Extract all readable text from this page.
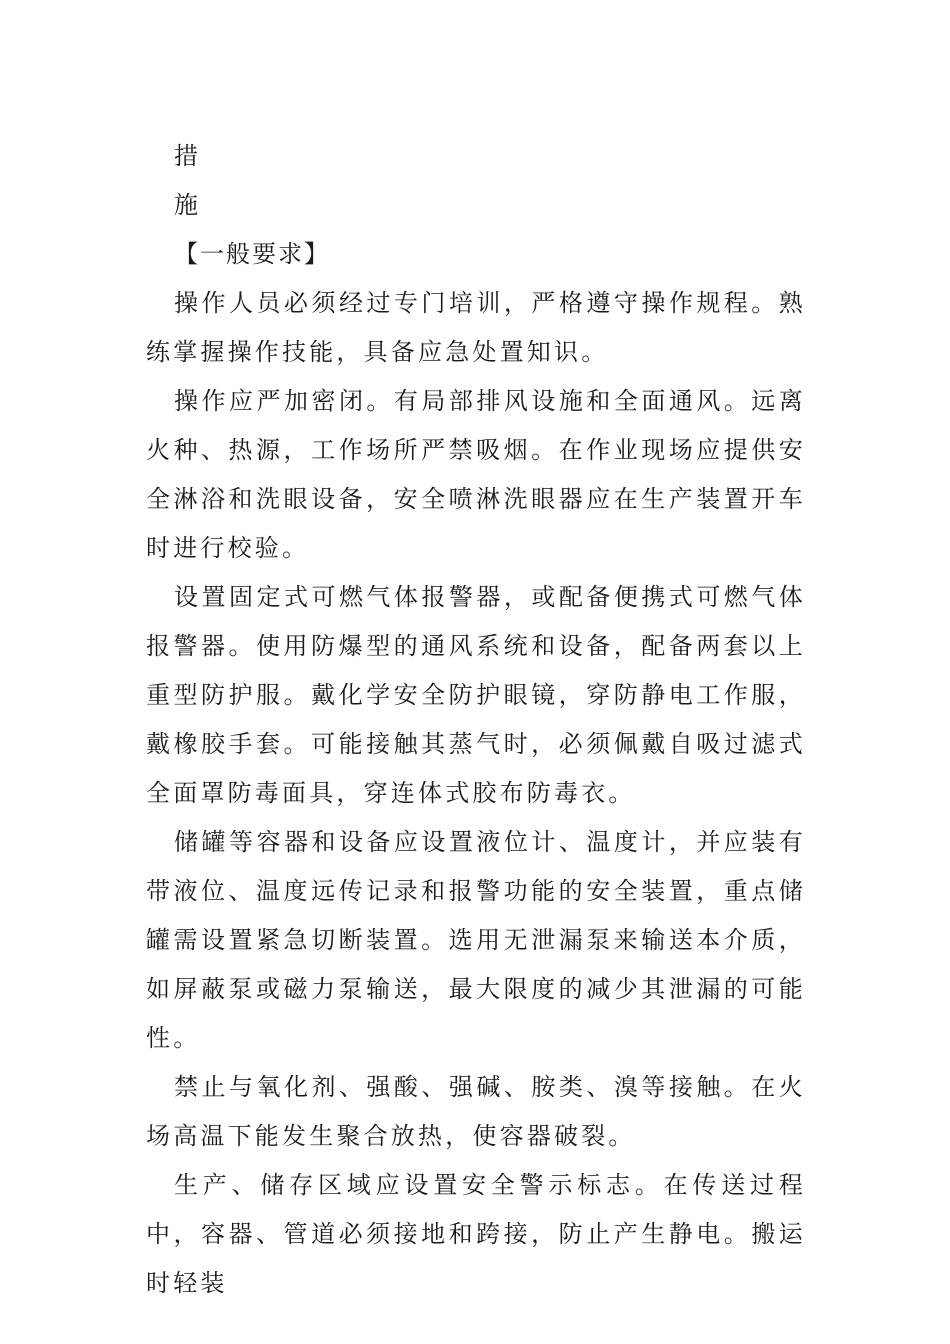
措
施

【一般要求】

操作人员必须经过专门培训，严格遵守操作规程。熟练掌握操作技能，具备应急处置知识。

操作应严加密闭。有局部排风设施和全面通风。远离火种、热源，工作场所严禁吸烟。在作业现场应提供安全淋浴和洗眼设备，安全喷淋洗眼器应在生产装置开车时进行校验。

设置固定式可燃气体报警器，或配备便携式可燃气体报警器。使用防爆型的通风系统和设备，配备两套以上重型防护服。戴化学安全防护眼镜，穿防静电工作服，戴橡胶手套。可能接触其蒸气时，必须佩戴自吸过滤式全面罩防毒面具，穿连体式胶布防毒衣。

储罐等容器和设备应设置液位计、温度计，并应装有带液位、温度远传记录和报警功能的安全装置，重点储罐需设置紧急切断装置。选用无泄漏泵来输送本介质，如屏蔽泵或磁力泵输送，最大限度的减少其泄漏的可能性。

禁止与氧化剂、强酸、强碱、胺类、溴等接触。在火场高温下能发生聚合放热，使容器破裂。

生产、储存区域应设置安全警示标志。在传送过程中，容器、管道必须接地和跨接，防止产生静电。搬运时轻装
